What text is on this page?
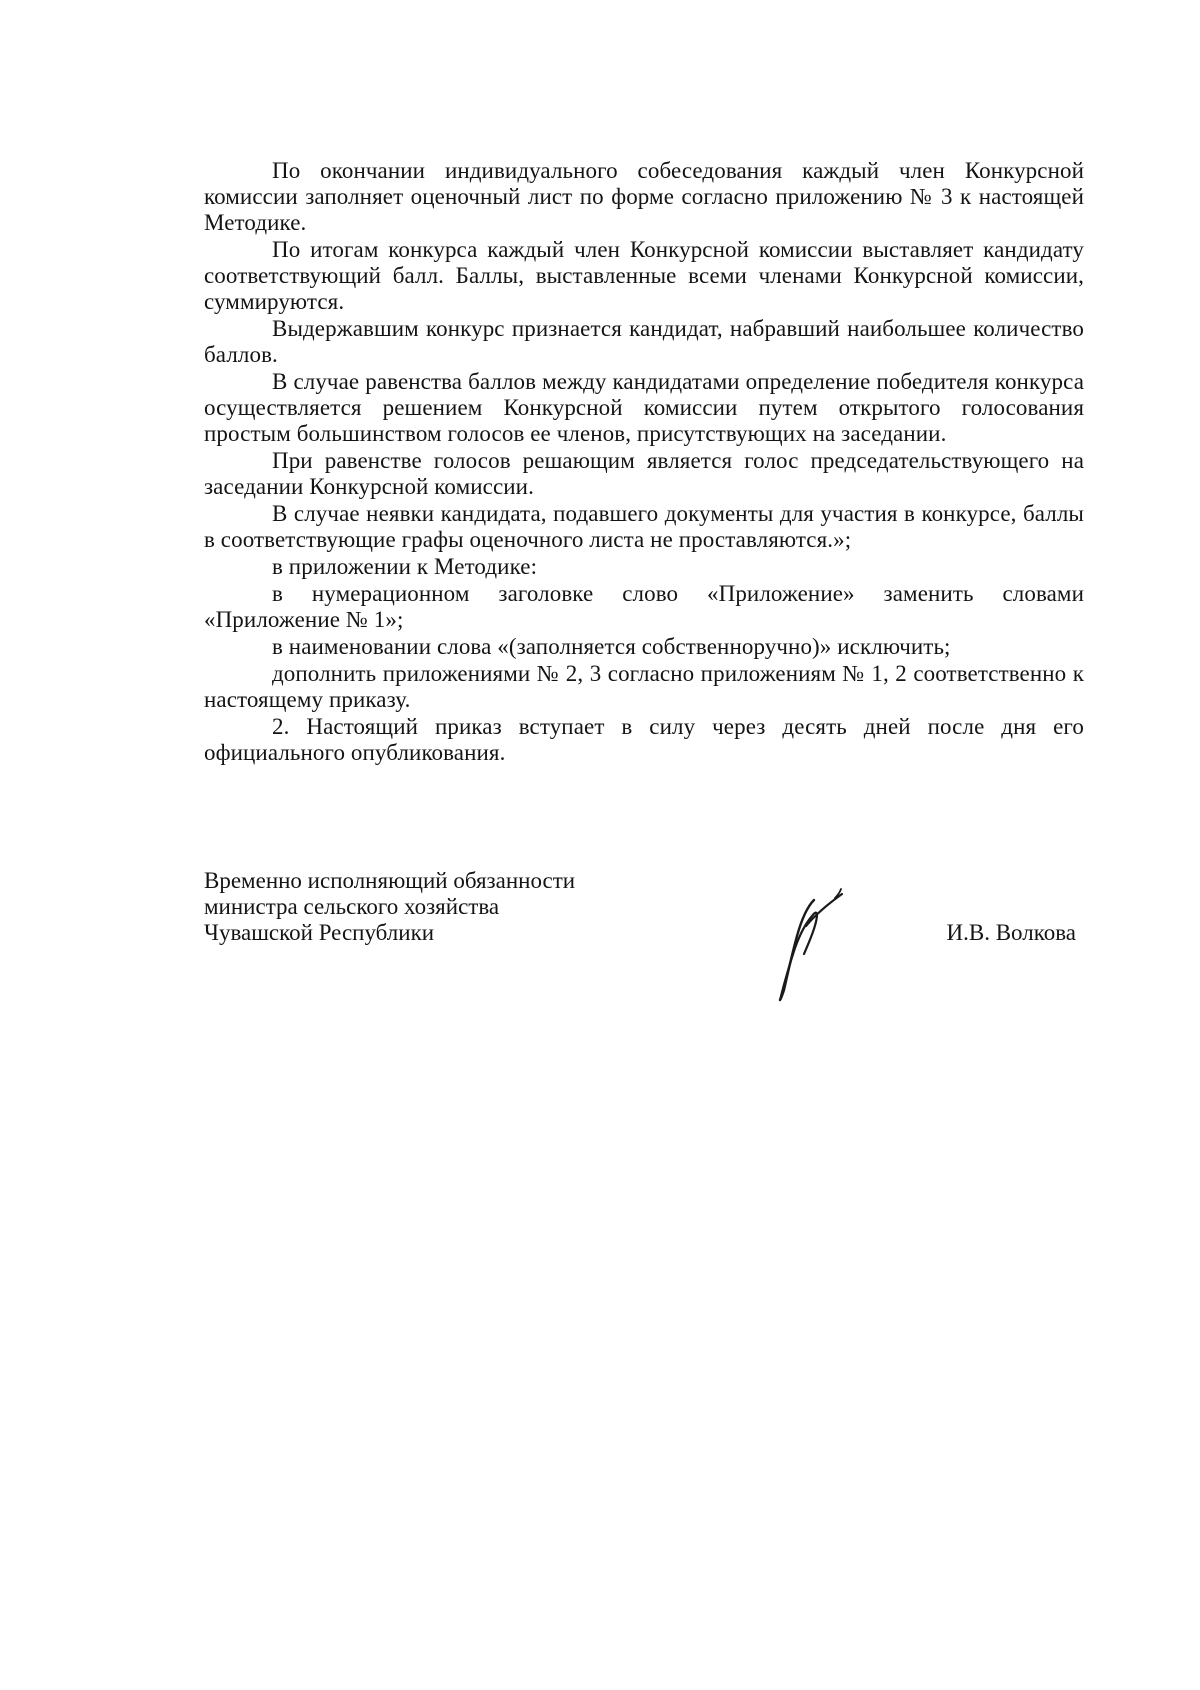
По окончании индивидуального собеседования каждый член Конкурсной комиссии заполняет оценочный лист по форме согласно приложению № 3 к настоящей Методике.

По итогам конкурса каждый член Конкурсной комиссии выставляет кандидату соответствующий балл. Баллы, выставленные всеми членами Конкурсной комиссии, суммируются.

Выдержавшим конкурс признается кандидат, набравший наибольшее количество баллов.

В случае равенства баллов между кандидатами определение победителя конкурса осуществляется решением Конкурсной комиссии путем открытого голосования простым большинством голосов ее членов, присутствующих на заседании.

При равенстве голосов решающим является голос председательствующего на заседании Конкурсной комиссии.

В случае неявки кандидата, подавшего документы для участия в конкурсе, баллы в соответствующие графы оценочного листа не проставляются.»;

в приложении к Методике:

в нумерационном заголовке слово «Приложение» заменить словами «Приложение № 1»;

в наименовании слова «(заполняется собственноручно)» исключить;

дополнить приложениями № 2, 3 согласно приложениям № 1, 2 соответственно к настоящему приказу.

2. Настоящий приказ вступает в силу через десять дней после дня его официального опубликования.

Временно исполняющий обязанности
министра сельского хозяйства
Чувашской Республики	И.В. Волкова
